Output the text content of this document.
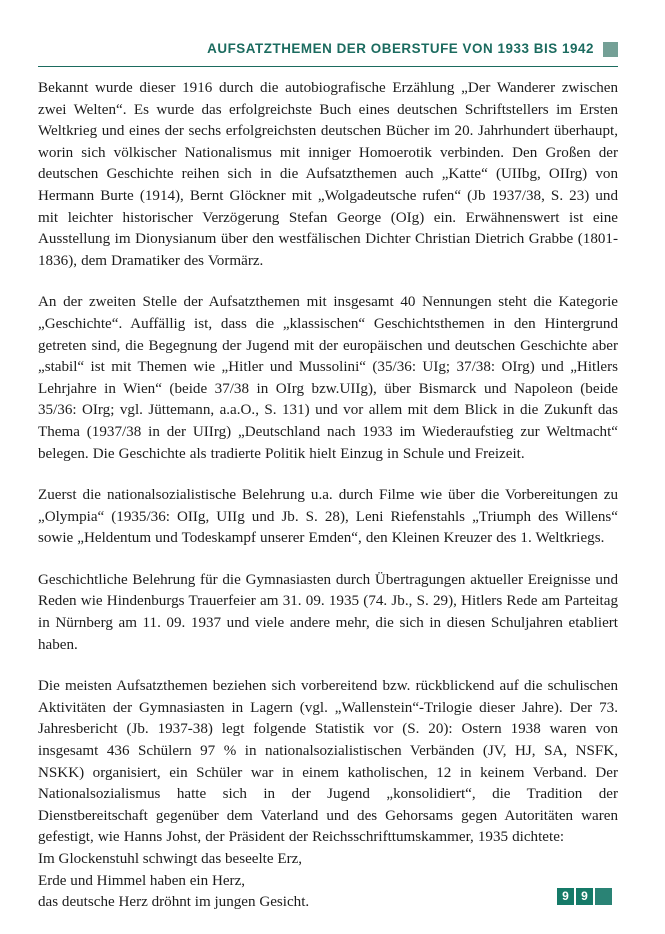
AUFSATZTHEMEN DER OBERSTUFE VON 1933 BIS 1942

Bekannt wurde dieser 1916 durch die autobiografische Erzählung „Der Wanderer zwischen zwei Welten“. Es wurde das erfolgreichste Buch eines deutschen Schriftstellers im Ersten Weltkrieg und eines der sechs erfolgreichsten deutschen Bücher im 20. Jahrhundert überhaupt, worin sich völkischer Nationalismus mit inniger Homoerotik verbinden. Den Großen der deutschen Geschichte reihen sich in die Aufsatzthemen auch „Katte“ (UIIbg, OIIrg) von Hermann Burte (1914), Bernt Glöckner mit „Wolgadeutsche rufen“ (Jb 1937/38, S. 23) und mit leichter historischer Verzögerung Stefan George (OIg) ein. Erwähnenswert ist eine Ausstellung im Dionysianum über den westfälischen Dichter Christian Dietrich Grabbe (1801-1836), dem Dramatiker des Vormärz.

An der zweiten Stelle der Aufsatzthemen mit insgesamt 40 Nennungen steht die Kategorie „Geschichte“. Auffällig ist, dass die „klassischen“ Geschichtsthemen in den Hintergrund getreten sind, die Begegnung der Jugend mit der europäischen und deutschen Geschichte aber „stabil“ ist mit Themen wie „Hitler und Mussolini“ (35/36: UIg; 37/38: OIrg) und „Hitlers Lehrjahre in Wien“ (beide 37/38 in OIrg bzw.UIIg), über Bismarck und Napoleon (beide 35/36: OIrg; vgl. Jüttemann, a.a.O., S. 131) und vor allem mit dem Blick in die Zukunft das Thema (1937/38 in der UIIrg) „Deutschland nach 1933 im Wiederaufstieg zur Weltmacht“ belegen. Die Geschichte als tradierte Politik hielt Einzug in Schule und Freizeit.

Zuerst die nationalsozialistische Belehrung u.a. durch Filme wie über die Vorbereitungen zu „Olympia“ (1935/36: OIIg, UIIg und Jb. S. 28), Leni Riefenstahls „Triumph des Willens“ sowie „Heldentum und Todeskampf unserer Emden“, den Kleinen Kreuzer des 1. Weltkriegs.

Geschichtliche Belehrung für die Gymnasiasten durch Übertragungen aktueller Ereignisse und Reden wie Hindenburgs Trauerfeier am 31. 09. 1935 (74. Jb., S. 29), Hitlers Rede am Parteitag in Nürnberg am 11. 09. 1937 und viele andere mehr, die sich in diesen Schuljahren etabliert haben.

Die meisten Aufsatzthemen beziehen sich vorbereitend bzw. rückblickend auf die schulischen Aktivitäten der Gymnasiasten in Lagern (vgl. „Wallenstein“-Trilogie dieser Jahre). Der 73. Jahresbericht (Jb. 1937-38) legt folgende Statistik vor (S. 20): Ostern 1938 waren von insgesamt 436 Schülern 97 % in nationalsozialistischen Verbänden (JV, HJ, SA, NSFK, NSKK) organisiert, ein Schüler war in einem katholischen, 12 in keinem Verband. Der Nationalsozialismus hatte sich in der Jugend „konsolidiert“, die Tradition der Dienstbereitschaft gegenüber dem Vaterland und des Gehorsams gegen Autoritäten waren gefestigt, wie Hanns Johst, der Präsident der Reichsschrifttumskammer, 1935 dichtete:

Im Glockenstuhl schwingt das beseelte Erz,
Erde und Himmel haben ein Herz,
das deutsche Herz dröhnt im jungen Gesicht.	9	9
